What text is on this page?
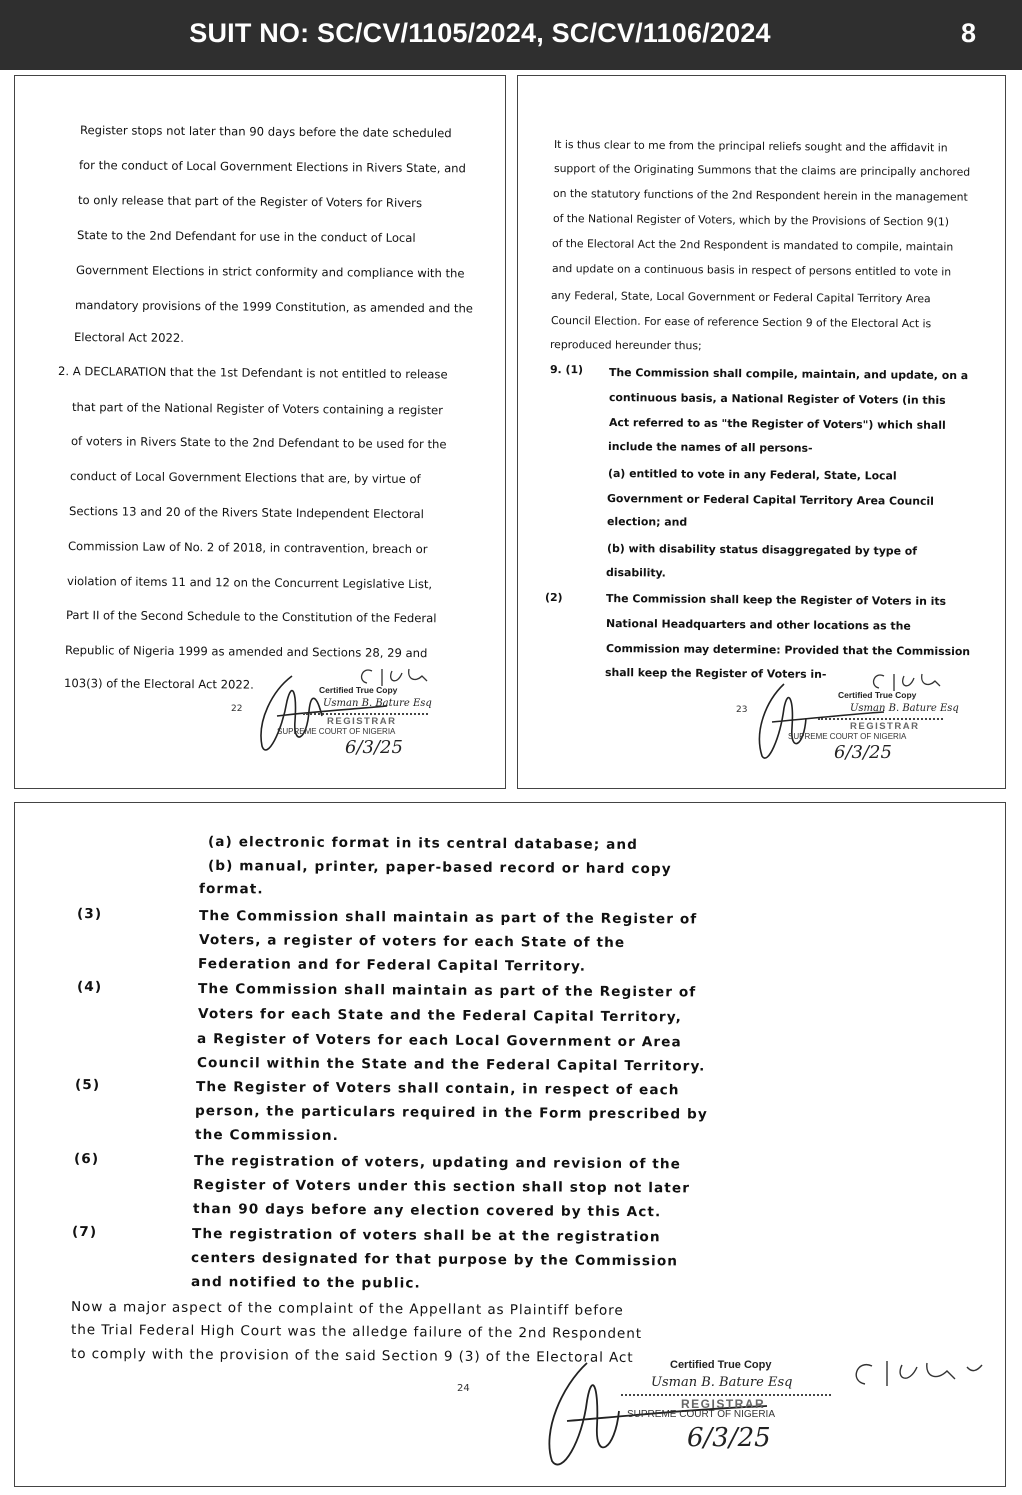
SUIT NO: SC/CV/1105/2024, SC/CV/1106/2024	8
Register stops not later than 90 days before the date scheduled
for the conduct of Local Government Elections in Rivers State, and
to only release that part of the Register of Voters for Rivers
State to the 2nd Defendant for use in the conduct of Local
Government Elections in strict conformity and compliance with the
mandatory provisions of the 1999 Constitution, as amended and the
Electoral Act 2022.
2. A DECLARATION that the 1st Defendant is not entitled to release
that part of the National Register of Voters containing a register
of voters in Rivers State to the 2nd Defendant to be used for the
conduct of Local Government Elections that are, by virtue of
Sections 13 and 20 of the Rivers State Independent Electoral
Commission Law of No. 2 of 2018, in contravention, breach or
violation of items 11 and 12 on the Concurrent Legislative List,
Part II of the Second Schedule to the Constitution of the Federal
Republic of Nigeria 1999 as amended and Sections 28, 29 and
103(3) of the Electoral Act 2022.
22
Certified True Copy
Usman B. Bature Esq
REGISTRAR
SUPREME COURT OF NIGERIA
6/3/25
It is thus clear to me from the principal reliefs sought and the affidavit in
support of the Originating Summons that the claims are principally anchored
on the statutory functions of the 2nd Respondent herein in the management
of the National Register of Voters, which by the Provisions of Section 9(1)
of the Electoral Act the 2nd Respondent is mandated to compile, maintain
and update on a continuous basis in respect of persons entitled to vote in
any Federal, State, Local Government or Federal Capital Territory Area
Council Election. For ease of reference Section 9 of the Electoral Act is
reproduced hereunder thus;
9. (1) The Commission shall compile, maintain, and update, on a
continuous basis, a National Register of Voters (in this
Act referred to as "the Register of Voters") which shall
include the names of all persons-
(a) entitled to vote in any Federal, State, Local
Government or Federal Capital Territory Area Council
election; and
(b) with disability status disaggregated by type of
disability.
(2)	The Commission shall keep the Register of Voters in its
National Headquarters and other locations as the
Commission may determine: Provided that the Commission
shall keep the Register of Voters in-
23
Certified True Copy
Usman B. Bature Esq
REGISTRAR
SUPREME COURT OF NIGERIA
6/3/25
(a) electronic format in its central database; and
(b) manual, printer, paper-based record or hard copy
format.
(3)	The Commission shall maintain as part of the Register of
Voters, a register of voters for each State of the
Federation and for Federal Capital Territory.
(4)	The Commission shall maintain as part of the Register of
Voters for each State and the Federal Capital Territory,
a Register of Voters for each Local Government or Area
Council within the State and the Federal Capital Territory.
(5)	The Register of Voters shall contain, in respect of each
person, the particulars required in the Form prescribed by
the Commission.
(6)	The registration of voters, updating and revision of the
Register of Voters under this section shall stop not later
than 90 days before any election covered by this Act.
(7)	The registration of voters shall be at the registration
centers designated for that purpose by the Commission
and notified to the public.
Now a major aspect of the complaint of the Appellant as Plaintiff before
the Trial Federal High Court was the alledge failure of the 2nd Respondent
to comply with the provision of the said Section 9 (3) of the Electoral Act
24
Certified True Copy
Usman B. Bature Esq
REGISTRAR
SUPREME COURT OF NIGERIA
6/3/25
